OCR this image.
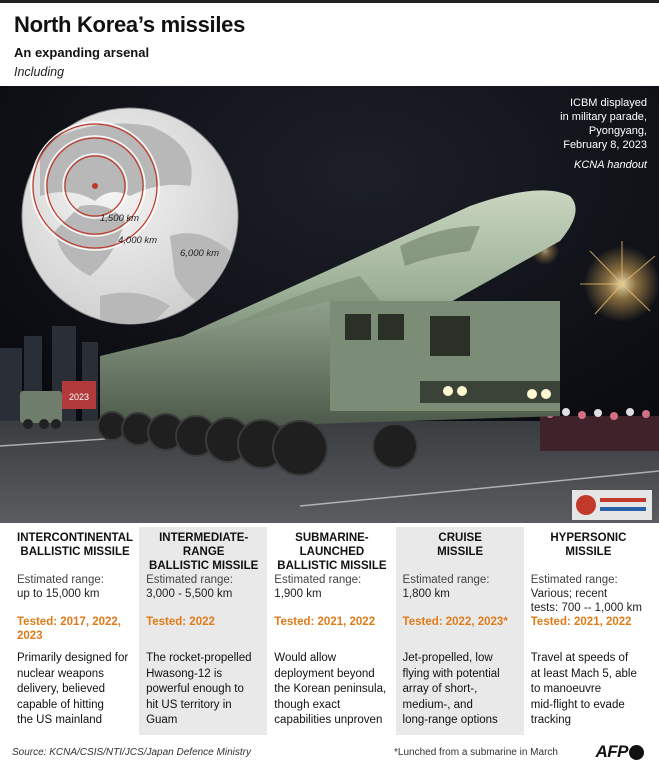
North Korea’s missiles
An expanding arsenal
Including
2023
1,500 km
4,000 km
6,000 km
ICBM displayed
in military parade,
Pyongyang,
February 8, 2023
KCNA handout
INTERCONTINENTAL
BALLISTIC MISSILE
Estimated range:
up to 15,000 km
Tested: 2017, 2022,
2023
Primarily designed for
nuclear weapons
delivery, believed
capable of hitting
the US mainland
INTERMEDIATE-RANGE
BALLISTIC MISSILE
Estimated range:
3,000 - 5,500 km
Tested: 2022
The rocket-propelled
Hwasong-12 is
powerful enough to
hit US territory in
Guam
SUBMARINE-LAUNCHED
BALLISTIC MISSILE
Estimated range:
1,900 km
Tested: 2021, 2022
Would allow
deployment beyond
the Korean peninsula,
though exact
capabilities unproven
CRUISE
MISSILE
Estimated range:
1,800 km
Tested: 2022, 2023*
Jet-propelled, low
flying with potential
array of short-,
medium-, and
long-range options
HYPERSONIC
MISSILE
Estimated range:
Various; recent
tests: 700 -- 1,000 km
Tested: 2021, 2022
Travel at speeds of
at least Mach 5, able
to manoeuvre
mid-flight to evade
tracking
Source: KCNA/CSIS/NTI/JCS/Japan Defence Ministry	*Lunched from a submarine in March AFP
